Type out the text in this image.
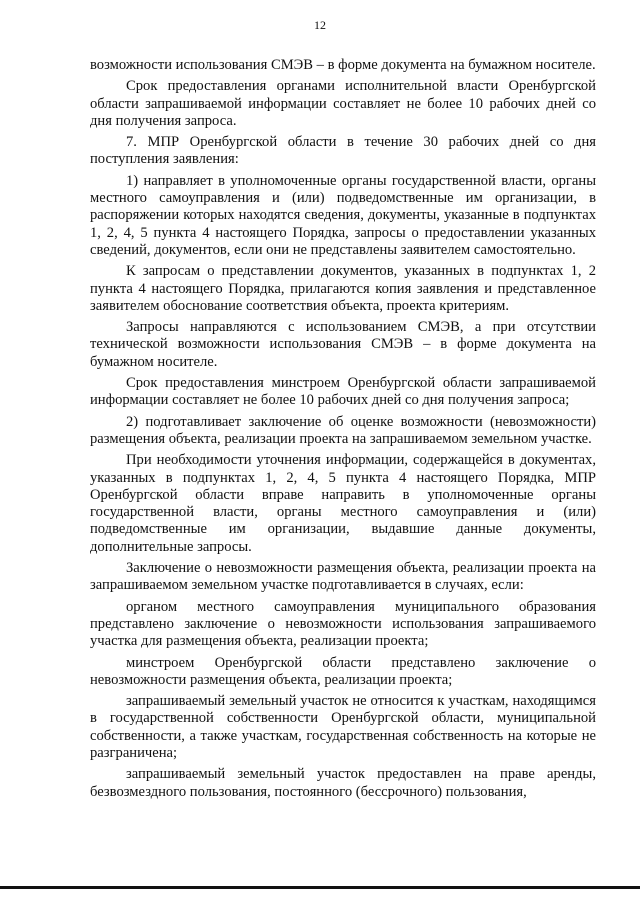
12

возможности использования СМЭВ – в форме документа на бумажном носителе.

Срок предоставления органами исполнительной власти Оренбургской области запрашиваемой информации составляет не более 10 рабочих дней со дня получения запроса.

7. МПР Оренбургской области в течение 30 рабочих дней со дня поступления заявления:

1) направляет в уполномоченные органы государственной власти, органы местного самоуправления и (или) подведомственные им организации, в распоряжении которых находятся сведения, документы, указанные в подпунктах 1, 2, 4, 5 пункта 4 настоящего Порядка, запросы о предоставлении указанных сведений, документов, если они не представлены заявителем самостоятельно.

К запросам о представлении документов, указанных в подпунктах 1, 2 пункта 4 настоящего Порядка, прилагаются копия заявления и представленное заявителем обоснование соответствия объекта, проекта критериям.

Запросы направляются с использованием СМЭВ, а при отсутствии технической возможности использования СМЭВ – в форме документа на бумажном носителе.

Срок предоставления минстроем Оренбургской области запрашиваемой информации составляет не более 10 рабочих дней со дня получения запроса;

2) подготавливает заключение об оценке возможности (невозможности) размещения объекта, реализации проекта на запрашиваемом земельном участке.

При необходимости уточнения информации, содержащейся в документах, указанных в подпунктах 1, 2, 4, 5 пункта 4 настоящего Порядка, МПР Оренбургской области вправе направить в уполномоченные органы государственной власти, органы местного самоуправления и (или) подведомственные им организации, выдавшие данные документы, дополнительные запросы.

Заключение о невозможности размещения объекта, реализации проекта на запрашиваемом земельном участке подготавливается в случаях, если:

органом местного самоуправления муниципального образования представлено заключение о невозможности использования запрашиваемого участка для размещения объекта, реализации проекта;

минстроем Оренбургской области представлено заключение о невозможности размещения объекта, реализации проекта;

запрашиваемый земельный участок не относится к участкам, находящимся в государственной собственности Оренбургской области, муниципальной собственности, а также участкам, государственная собственность на которые не разграничена;

запрашиваемый земельный участок предоставлен на праве аренды, безвозмездного пользования, постоянного (бессрочного) пользования,
